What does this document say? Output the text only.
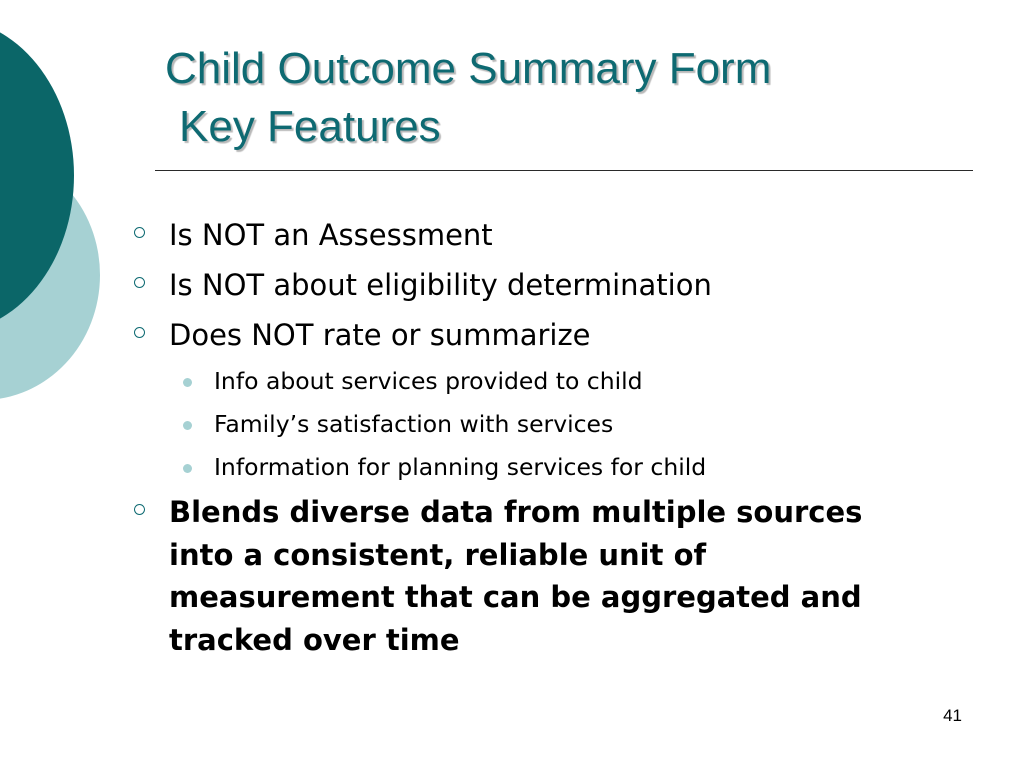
Child Outcome Summary Form
Key Features
Is NOT an Assessment
Is NOT about eligibility determination
Does NOT rate or summarize
Info about services provided to child
Family’s satisfaction with services
Information for planning services for child
Blends diverse data from multiple sources into a consistent, reliable unit of measurement that can be aggregated and tracked over time
41
